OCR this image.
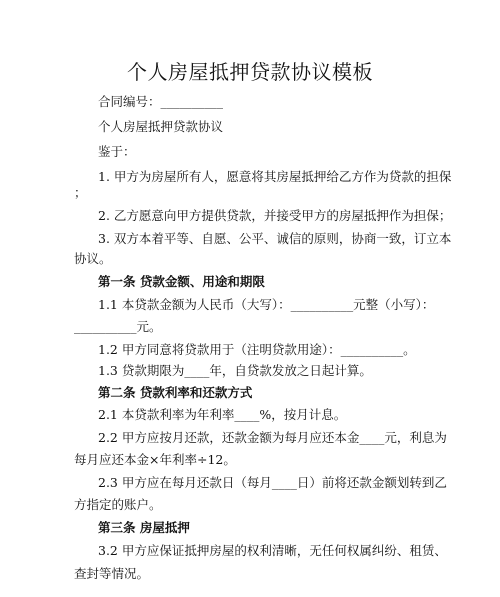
个人房屋抵押贷款协议模板
合同编号：__________
个人房屋抵押贷款协议
鉴于：
1. 甲方为房屋所有人，愿意将其房屋抵押给乙方作为贷款的担保
；
2. 乙方愿意向甲方提供贷款，并接受甲方的房屋抵押作为担保；
3. 双方本着平等、自愿、公平、诚信的原则，协商一致，订立本
协议。
第一条 贷款金额、用途和期限
1.1 本贷款金额为人民币（大写）：__________元整（小写）：
__________元。
1.2 甲方同意将贷款用于（注明贷款用途）：__________。
1.3 贷款期限为____年，自贷款发放之日起计算。
第二条 贷款利率和还款方式
2.1 本贷款利率为年利率____%，按月计息。
2.2 甲方应按月还款，还款金额为每月应还本金____元，利息为
每月应还本金×年利率÷12。
2.3 甲方应在每月还款日（每月____日）前将还款金额划转到乙
方指定的账户。
第三条 房屋抵押
3.2 甲方应保证抵押房屋的权利清晰，无任何权属纠纷、租赁、
查封等情况。
